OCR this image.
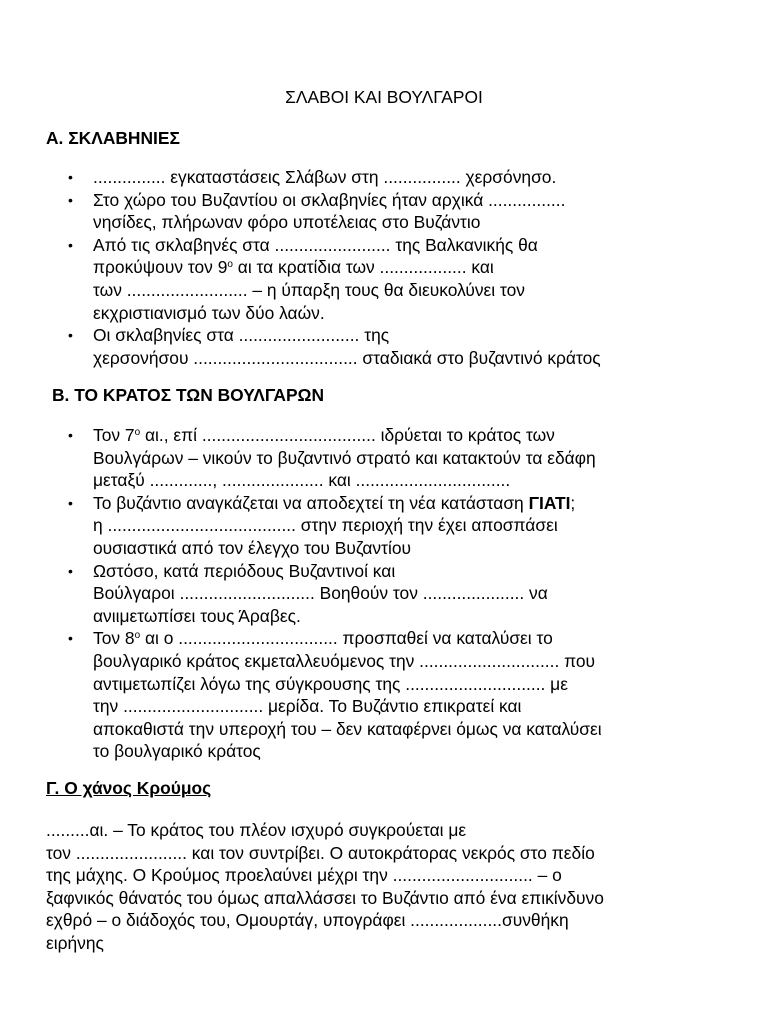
ΣΛΑΒΟΙ ΚΑΙ ΒΟΥΛΓΑΡΟΙ
Α. ΣΚΛΑΒΗΝΙΕΣ
• ............... εγκαταστάσεις Σλάβων στη ................ χερσόνησο.
• Στο χώρο του Βυζαντίου οι σκλαβηνίες ήταν αρχικά ................
νησίδες, πλήρωναν φόρο υποτέλειας στο Βυζάντιο
• Από τις σκλαβηνές στα ........................ της Βαλκανικής θα
προκύψουν τον $9^o$ αι τα κρατίδια των .................. και
των ......................... – η ύπαρξη τους θα διευκολύνει τον
εκχριστιανισμό των δύο λαών.
• Οι σκλαβηνίες στα ......................... της
χερσονήσου .................................. σταδιακά στο βυζαντινό κράτος
Β. ΤΟ ΚΡΑΤΟΣ ΤΩΝ ΒΟΥΛΓΑΡΩΝ
• Τον $7^o$ αι., επί .................................... ιδρύεται το κράτος των
Βουλγάρων – νικούν το βυζαντινό στρατό και κατακτούν τα εδάφη
μεταξύ ............., ..................... και ................................
• Το βυζάντιο αναγκάζεται να αποδεχτεί τη νέα κατάσταση ΓΙΑΤΙ;
η ....................................... στην περιοχή την έχει αποσπάσει
ουσιαστικά από τον έλεγχο του Βυζαντίου
• Ωστόσο, κατά περιόδους Βυζαντινοί και
Βούλγαροι ............................ Βοηθούν τον ..................... να
ανιιμετωπίσει τους Άραβες.
• Τον $8^o$ αι ο ................................. προσπαθεί να καταλύσει το
βουλγαρικό κράτος εκμεταλλευόμενος την ............................. που
αντιμετωπίζει λόγω της σύγκρουσης της ............................. με
την ............................. μερίδα. Το Βυζάντιο επικρατεί και
αποκαθιστά την υπεροχή του – δεν καταφέρνει όμως να καταλύσει
το βουλγαρικό κράτος
Γ. Ο χάνος Κρούμος
.........αι. – Το κράτος του πλέον ισχυρό συγκρούεται με
τον ....................... και τον συντρίβει. Ο αυτοκράτορας νεκρός στο πεδίο
της μάχης. Ο Κρούμος προελαύνει μέχρι την ............................. – ο
ξαφνικός θάνατός του όμως απαλλάσσει το Βυζάντιο από ένα επικίνδυνο
εχθρό – ο διάδοχός του, Ομουρτάγ, υπογράφει ...................συνθήκη
ειρήνης
